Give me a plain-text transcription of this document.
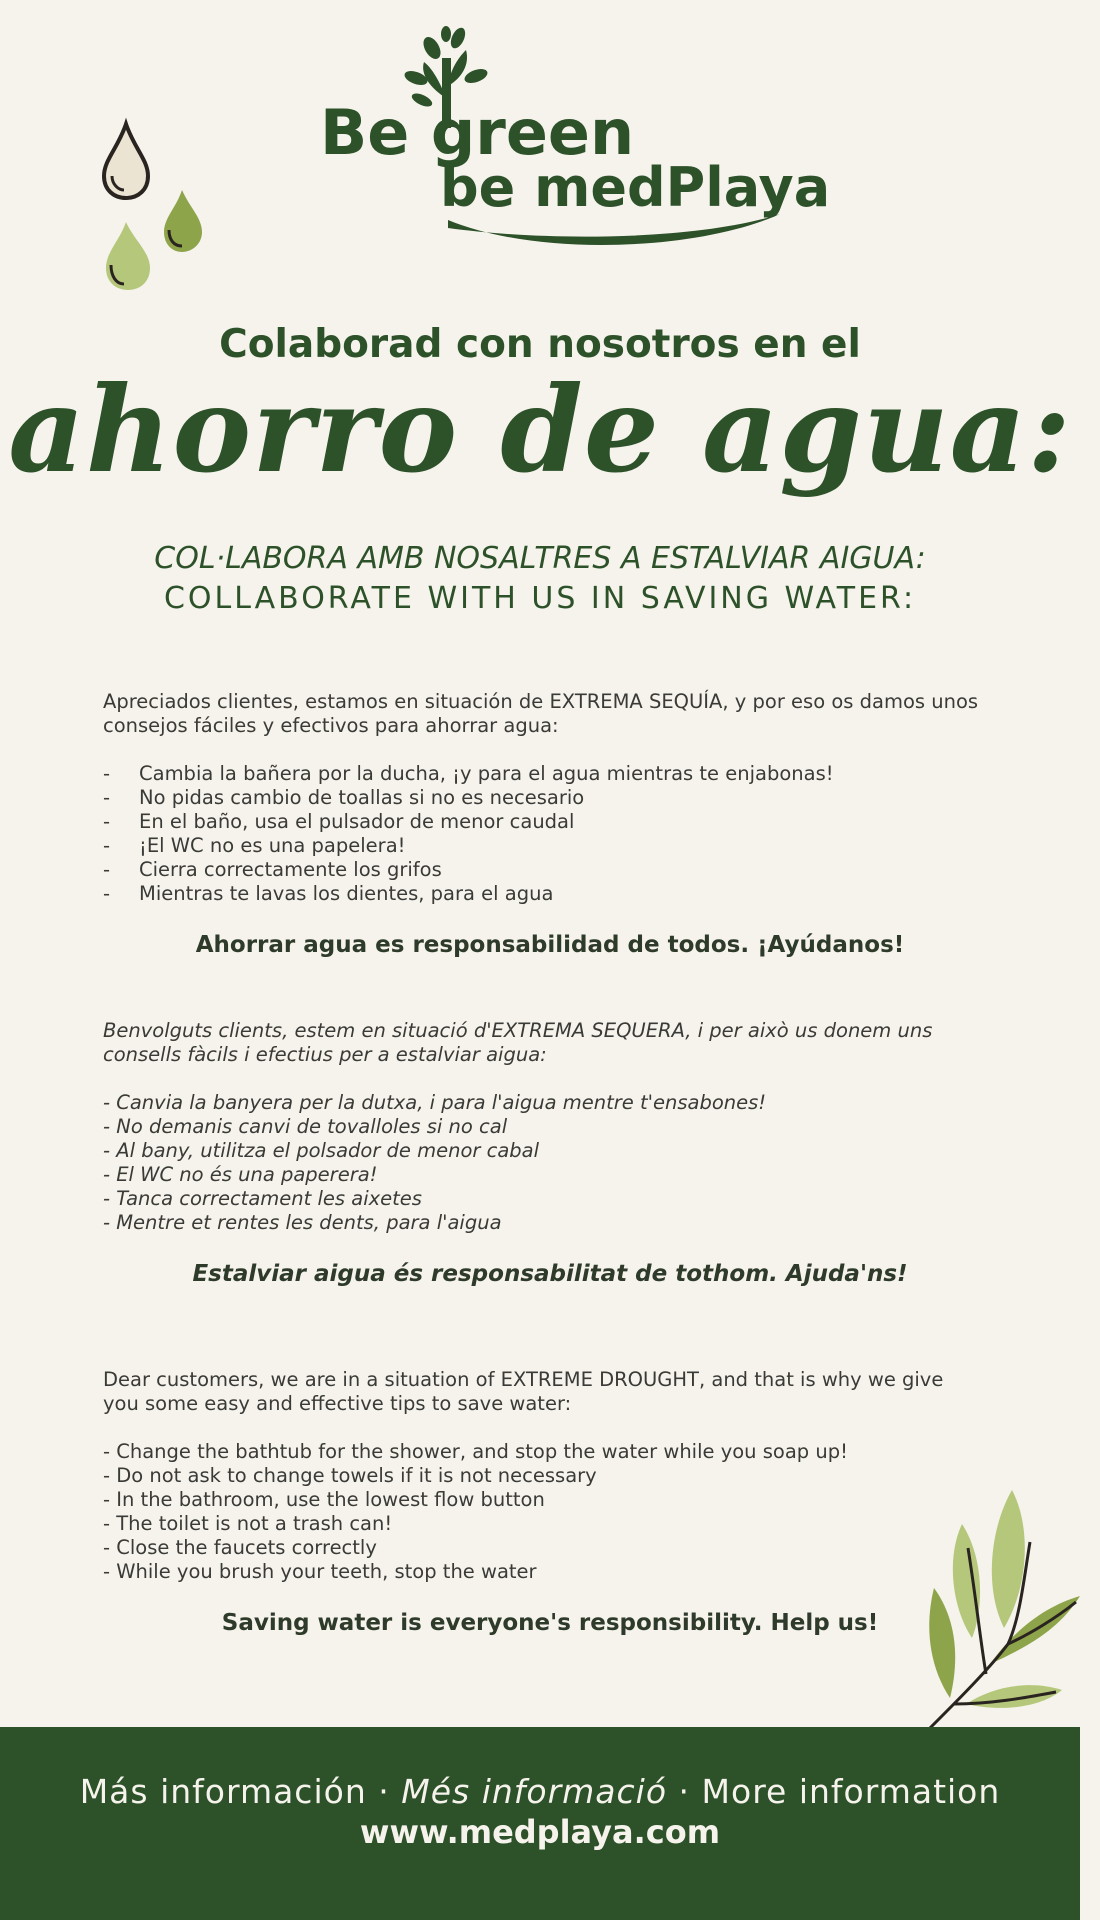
Be green
be medPlaya
Colaborad con nosotros en el
ahorro de agua:
COL·LABORA AMB NOSALTRES A ESTALVIAR AIGUA:
COLLABORATE WITH US IN SAVING WATER:

Apreciados clientes, estamos en situación de EXTREMA SEQUÍA, y por eso os damos unos consejos fáciles y efectivos para ahorrar agua:

- Cambia la bañera por la ducha, ¡y para el agua mientras te enjabonas!
- No pidas cambio de toallas si no es necesario
- En el baño, usa el pulsador de menor caudal
- ¡El WC no es una papelera!
- Cierra correctamente los grifos
- Mientras te lavas los dientes, para el agua
Ahorrar agua es responsabilidad de todos. ¡Ayúdanos!

Benvolguts clients, estem en situació d'EXTREMA SEQUERA, i per això us donem uns consells fàcils i efectius per a estalviar aigua:

- Canvia la banyera per la dutxa, i para l'aigua mentre t'ensabones!
- No demanis canvi de tovalloles si no cal
- Al bany, utilitza el polsador de menor cabal
- El WC no és una paperera!
- Tanca correctament les aixetes
- Mentre et rentes les dents, para l'aigua
Estalviar aigua és responsabilitat de tothom. Ajuda'ns!

Dear customers, we are in a situation of EXTREME DROUGHT, and that is why we give you some easy and effective tips to save water:

- Change the bathtub for the shower, and stop the water while you soap up!
- Do not ask to change towels if it is not necessary
- In the bathroom, use the lowest flow button
- The toilet is not a trash can!
- Close the faucets correctly
- While you brush your teeth, stop the water
Saving water is everyone's responsibility. Help us!
Más información · Més informació · More information
www.medplaya.com
